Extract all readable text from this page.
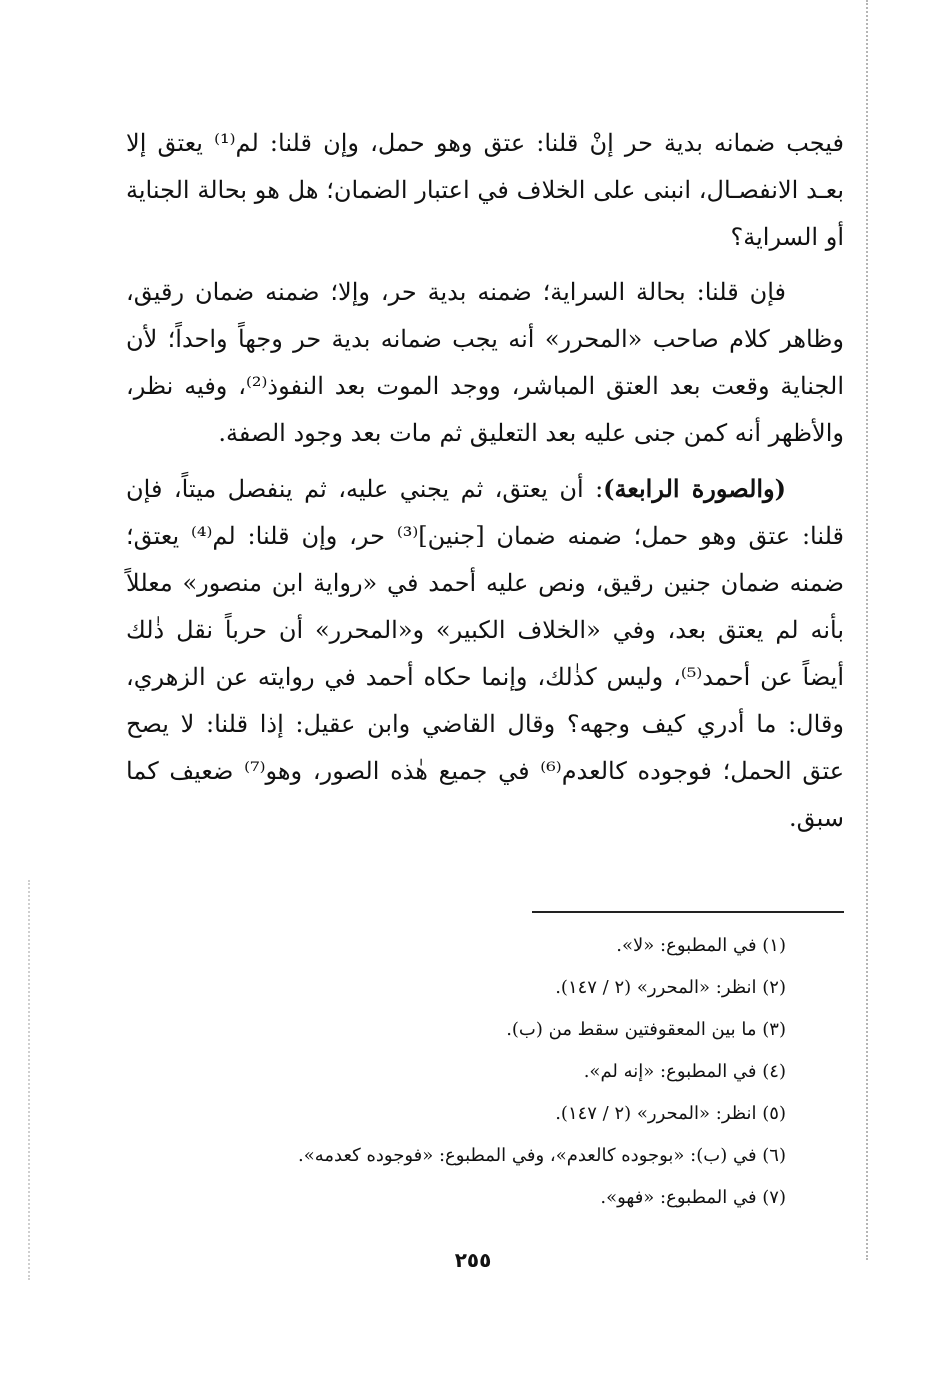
فيجب ضمانه بدية حر إنْ قلنا: عتق وهو حمل، وإن قلنا: لم⁽¹⁾ يعتق إلا بعـد الانفصـال، انبنى على الخلاف في اعتبار الضمان؛ هل هو بحالة الجناية أو السراية؟

فإن قلنا: بحالة السراية؛ ضمنه بدية حر، وإلا؛ ضمنه ضمان رقيق، وظاهر كلام صاحب «المحرر» أنه يجب ضمانه بدية حر وجهاً واحداً؛ لأن الجناية وقعت بعد العتق المباشر، ووجد الموت بعد النفوذ⁽²⁾، وفيه نظر، والأظهر أنه كمن جنى عليه بعد التعليق ثم مات بعد وجود الصفة.

(والصورة الرابعة): أن يعتق، ثم يجني عليه، ثم ينفصل ميتاً، فإن قلنا: عتق وهو حمل؛ ضمنه ضمان [جنين]⁽³⁾ حر، وإن قلنا: لم⁽⁴⁾ يعتق؛ ضمنه ضمان جنين رقيق، ونص عليه أحمد في «رواية ابن منصور» معللاً بأنه لم يعتق بعد، وفي «الخلاف الكبير» و«المحرر» أن حرباً نقل ذٰلك أيضاً عن أحمد⁽⁵⁾، وليس كذٰلك، وإنما حكاه أحمد في روايته عن الزهري، وقال: ما أدري كيف وجهه؟ وقال القاضي وابن عقيل: إذا قلنا: لا يصح عتق الحمل؛ فوجوده كالعدم⁽⁶⁾ في جميع هٰذه الصور، وهو⁽⁷⁾ ضعيف كما سبق.

(١) في المطبوع: «لا».

(٢) انظر: «المحرر» (٢ / ١٤٧).

(٣) ما بين المعقوفتين سقط من (ب).

(٤) في المطبوع: «إنه لم».

(٥) انظر: «المحرر» (٢ / ١٤٧).

(٦) في (ب): «بوجوده كالعدم»، وفي المطبوع: «فوجوده كعدمه».

(٧) في المطبوع: «فهو».

٢٥٥
